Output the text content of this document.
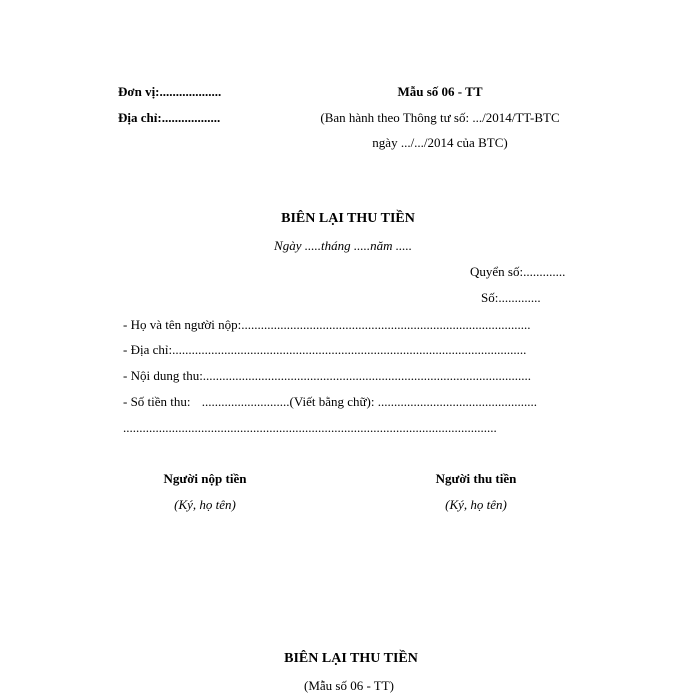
Đơn vị:...................
Địa chỉ:..................
Mẫu số 06 - TT
(Ban hành theo Thông tư số: .../2014/TT-BTC
ngày .../.../2014 của BTC)
BIÊN LẠI THU TIỀN
Ngày .....tháng .....năm .....
Quyển số:.............
Số:.............
- Họ và tên người nộp:.........................................................................................
- Địa chỉ:.............................................................................................................
- Nội dung thu:.....................................................................................................
- Số tiền thu: ...........................(Viết bằng chữ): .................................................
...................................................................................................................
Người nộp tiền
(Ký, họ tên)
Người thu tiền
(Ký, họ tên)
BIÊN LẠI THU TIỀN
(Mẫu số 06 - TT)
